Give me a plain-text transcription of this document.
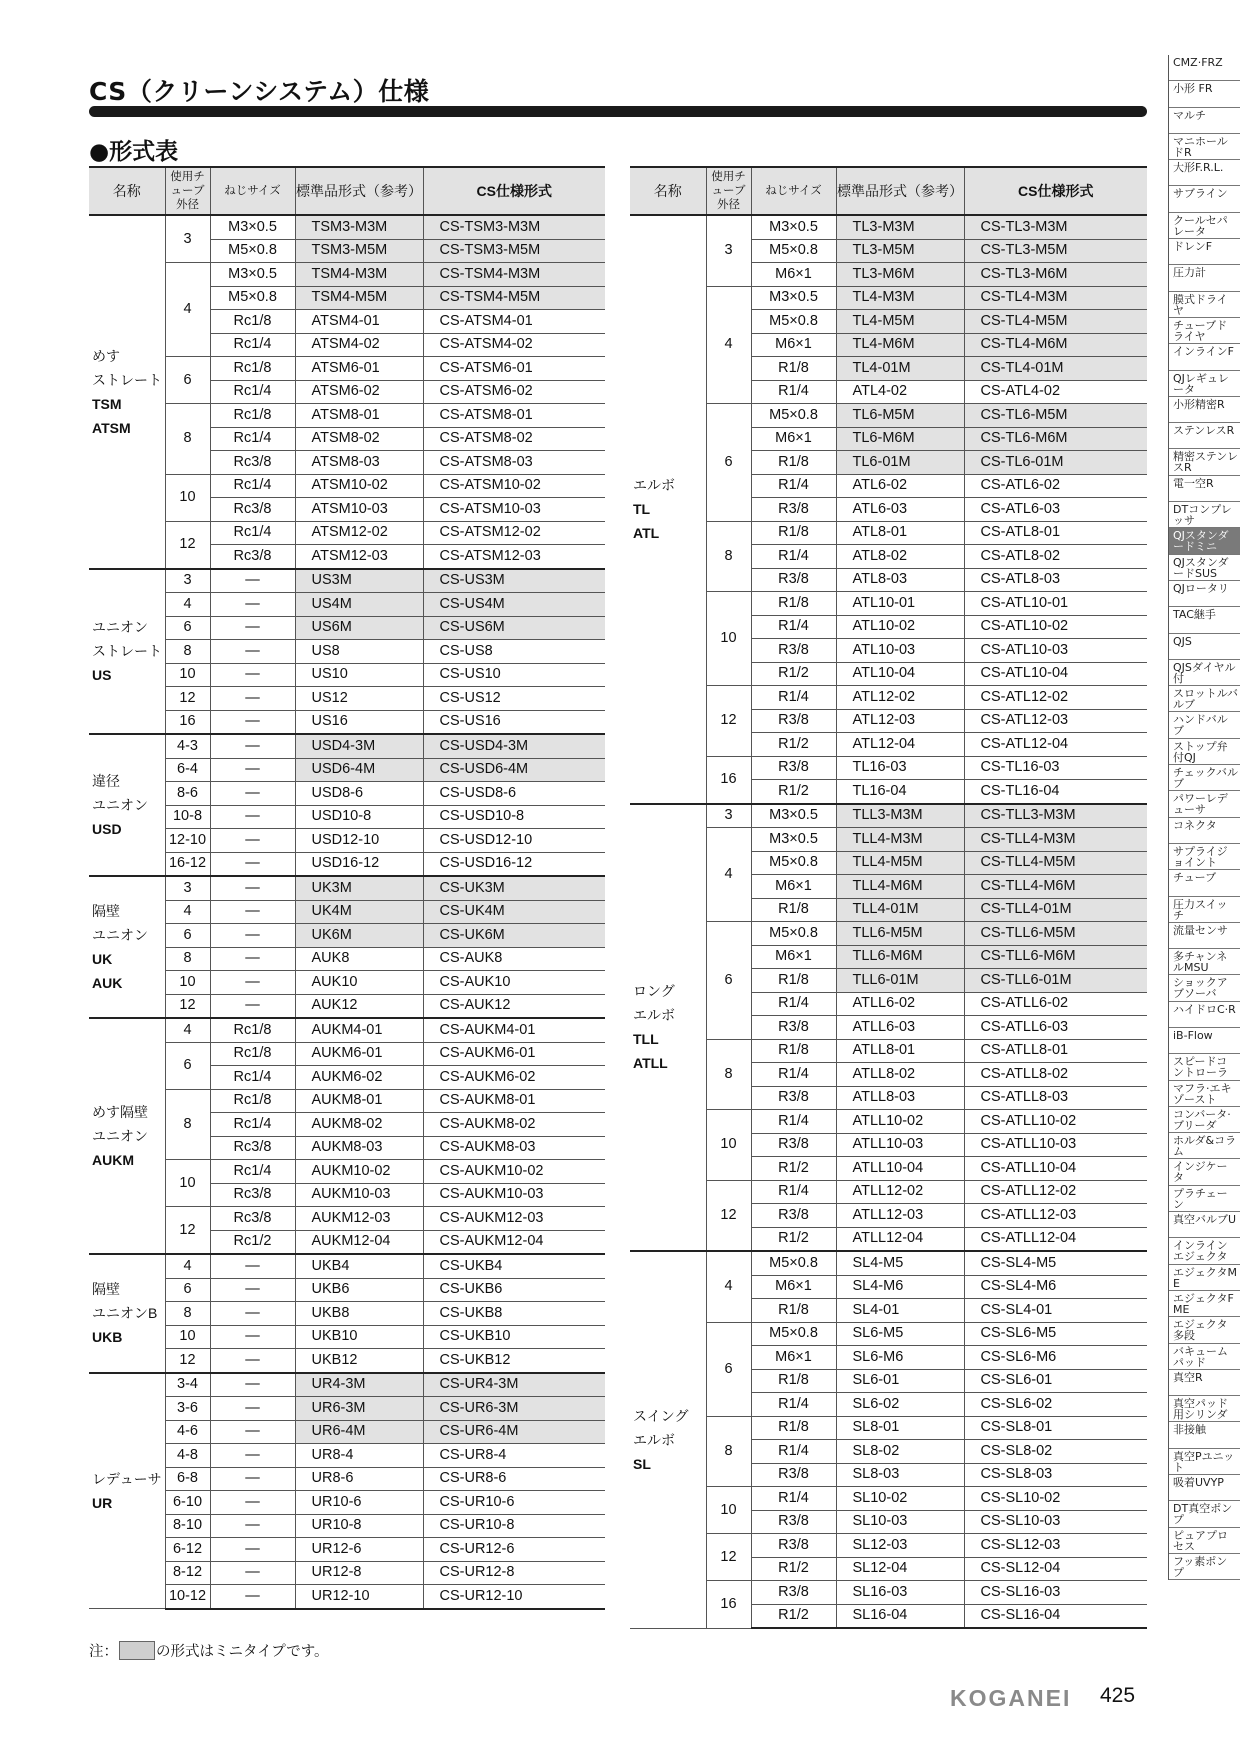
CS（クリーンシステム）仕様
●形式表
名称	使用チューブ外径	ねじサイズ	標準品形式（参考）	CS仕様形式

めす
ストレート
TSM
ATSM	3	M3×0.5	TSM3-M3M	CS-TSM3-M3M
		M5×0.8	TSM3-M5M	CS-TSM3-M5M
	4	M3×0.5	TSM4-M3M	CS-TSM4-M3M
		M5×0.8	TSM4-M5M	CS-TSM4-M5M
		Rc1/8	ATSM4-01	CS-ATSM4-01
		Rc1/4	ATSM4-02	CS-ATSM4-02
	6	Rc1/8	ATSM6-01	CS-ATSM6-01
		Rc1/4	ATSM6-02	CS-ATSM6-02
	8	Rc1/8	ATSM8-01	CS-ATSM8-01
		Rc1/4	ATSM8-02	CS-ATSM8-02
		Rc3/8	ATSM8-03	CS-ATSM8-03
	10	Rc1/4	ATSM10-02	CS-ATSM10-02
		Rc3/8	ATSM10-03	CS-ATSM10-03
	12	Rc1/4	ATSM12-02	CS-ATSM12-02
		Rc3/8	ATSM12-03	CS-ATSM12-03

ユニオン
ストレート
US	3	—	US3M	CS-US3M
	4	—	US4M	CS-US4M
	6	—	US6M	CS-US6M
	8	—	US8	CS-US8
	10	—	US10	CS-US10
	12	—	US12	CS-US12
	16	—	US16	CS-US16

違径
ユニオン
USD	4-3	—	USD4-3M	CS-USD4-3M
	6-4	—	USD6-4M	CS-USD6-4M
	8-6	—	USD8-6	CS-USD8-6
	10-8	—	USD10-8	CS-USD10-8
	12-10	—	USD12-10	CS-USD12-10
	16-12	—	USD16-12	CS-USD16-12

隔壁
ユニオン
UK
AUK	3	—	UK3M	CS-UK3M
	4	—	UK4M	CS-UK4M
	6	—	UK6M	CS-UK6M
	8	—	AUK8	CS-AUK8
	10	—	AUK10	CS-AUK10
	12	—	AUK12	CS-AUK12

めす隔壁
ユニオン
AUKM	4	Rc1/8	AUKM4-01	CS-AUKM4-01
	6	Rc1/8	AUKM6-01	CS-AUKM6-01
		Rc1/4	AUKM6-02	CS-AUKM6-02
	8	Rc1/8	AUKM8-01	CS-AUKM8-01
		Rc1/4	AUKM8-02	CS-AUKM8-02
		Rc3/8	AUKM8-03	CS-AUKM8-03
	10	Rc1/4	AUKM10-02	CS-AUKM10-02
		Rc3/8	AUKM10-03	CS-AUKM10-03
	12	Rc3/8	AUKM12-03	CS-AUKM12-03
		Rc1/2	AUKM12-04	CS-AUKM12-04

隔壁
ユニオンB
UKB	4	—	UKB4	CS-UKB4
	6	—	UKB6	CS-UKB6
	8	—	UKB8	CS-UKB8
	10	—	UKB10	CS-UKB10
	12	—	UKB12	CS-UKB12

レデューサ
UR	3-4	—	UR4-3M	CS-UR4-3M
	3-6	—	UR6-3M	CS-UR6-3M
	4-6	—	UR6-4M	CS-UR6-4M
	4-8	—	UR8-4	CS-UR8-4
	6-8	—	UR8-6	CS-UR8-6
	6-10	—	UR10-6	CS-UR10-6
	8-10	—	UR10-8	CS-UR10-8
	6-12	—	UR12-6	CS-UR12-6
	8-12	—	UR12-8	CS-UR12-8
	10-12	—	UR12-10	CS-UR12-10
名称	使用チューブ外径	ねじサイズ	標準品形式（参考）	CS仕様形式

エルボ
TL
ATL	3	M3×0.5	TL3-M3M	CS-TL3-M3M
		M5×0.8	TL3-M5M	CS-TL3-M5M
		M6×1	TL3-M6M	CS-TL3-M6M
	4	M3×0.5	TL4-M3M	CS-TL4-M3M
		M5×0.8	TL4-M5M	CS-TL4-M5M
		M6×1	TL4-M6M	CS-TL4-M6M
		R1/8	TL4-01M	CS-TL4-01M
		R1/4	ATL4-02	CS-ATL4-02
	6	M5×0.8	TL6-M5M	CS-TL6-M5M
		M6×1	TL6-M6M	CS-TL6-M6M
		R1/8	TL6-01M	CS-TL6-01M
		R1/4	ATL6-02	CS-ATL6-02
		R3/8	ATL6-03	CS-ATL6-03
	8	R1/8	ATL8-01	CS-ATL8-01
		R1/4	ATL8-02	CS-ATL8-02
		R3/8	ATL8-03	CS-ATL8-03
	10	R1/8	ATL10-01	CS-ATL10-01
		R1/4	ATL10-02	CS-ATL10-02
		R3/8	ATL10-03	CS-ATL10-03
		R1/2	ATL10-04	CS-ATL10-04
	12	R1/4	ATL12-02	CS-ATL12-02
		R3/8	ATL12-03	CS-ATL12-03
		R1/2	ATL12-04	CS-ATL12-04
	16	R3/8	TL16-03	CS-TL16-03
		R1/2	TL16-04	CS-TL16-04

ロング
エルボ
TLL
ATLL	3	M3×0.5	TLL3-M3M	CS-TLL3-M3M
	4	M3×0.5	TLL4-M3M	CS-TLL4-M3M
		M5×0.8	TLL4-M5M	CS-TLL4-M5M
		M6×1	TLL4-M6M	CS-TLL4-M6M
		R1/8	TLL4-01M	CS-TLL4-01M
	6	M5×0.8	TLL6-M5M	CS-TLL6-M5M
		M6×1	TLL6-M6M	CS-TLL6-M6M
		R1/8	TLL6-01M	CS-TLL6-01M
		R1/4	ATLL6-02	CS-ATLL6-02
		R3/8	ATLL6-03	CS-ATLL6-03
	8	R1/8	ATLL8-01	CS-ATLL8-01
		R1/4	ATLL8-02	CS-ATLL8-02
		R3/8	ATLL8-03	CS-ATLL8-03
	10	R1/4	ATLL10-02	CS-ATLL10-02
		R3/8	ATLL10-03	CS-ATLL10-03
		R1/2	ATLL10-04	CS-ATLL10-04
	12	R1/4	ATLL12-02	CS-ATLL12-02
		R3/8	ATLL12-03	CS-ATLL12-03
		R1/2	ATLL12-04	CS-ATLL12-04

スイング
エルボ
SL	4	M5×0.8	SL4-M5	CS-SL4-M5
		M6×1	SL4-M6	CS-SL4-M6
		R1/8	SL4-01	CS-SL4-01
	6	M5×0.8	SL6-M5	CS-SL6-M5
		M6×1	SL6-M6	CS-SL6-M6
		R1/8	SL6-01	CS-SL6-01
		R1/4	SL6-02	CS-SL6-02
	8	R1/8	SL8-01	CS-SL8-01
		R1/4	SL8-02	CS-SL8-02
		R3/8	SL8-03	CS-SL8-03
	10	R1/4	SL10-02	CS-SL10-02
		R3/8	SL10-03	CS-SL10-03
	12	R3/8	SL12-03	CS-SL12-03
		R1/2	SL12-04	CS-SL12-04
	16	R3/8	SL16-03	CS-SL16-03
		R1/2	SL16-04	CS-SL16-04
注：	の形式はミニタイプです。
KOGANEI 425
CMZ·FRZ
小形 FR
マルチ
マニホールドR
大形F.R.L.
サブライン
クールセパレータ
ドレンF
圧力計
膜式ドライヤ
チューブドライヤ
インラインF
QJレギュレータ
小形精密R
ステンレスR
精密ステンレスR
電一空R
DTコンプレッサ
QJスタンダードミニ
QJスタンダードSUS
QJロータリ
TAC継手
QJS
QJSダイヤル付
スロットルバルブ
ハンドバルブ
ストップ弁付QJ
チェックバルブ
パワーレデューサ
コネクタ
サプライジョイント
チューブ
圧力スイッチ
流量センサ
多チャンネルMSU
ショックアブソーバ
ハイドロC·R
iB-Flow
スピードコントローラ
マフラ·エキゾースト
コンバータ·ブリーダ
ホルダ&コラム
インジケータ
プラチェーン
真空バルブU
インラインエジェクタ
エジェクタME
エジェクタFME
エジェクタ多段
バキュームパッド
真空R
真空パッド用シリンダ
非接触
真空Pユニット
吸着UVYP
DT真空ポンプ
ピュアプロセス
フッ素ポンプ
